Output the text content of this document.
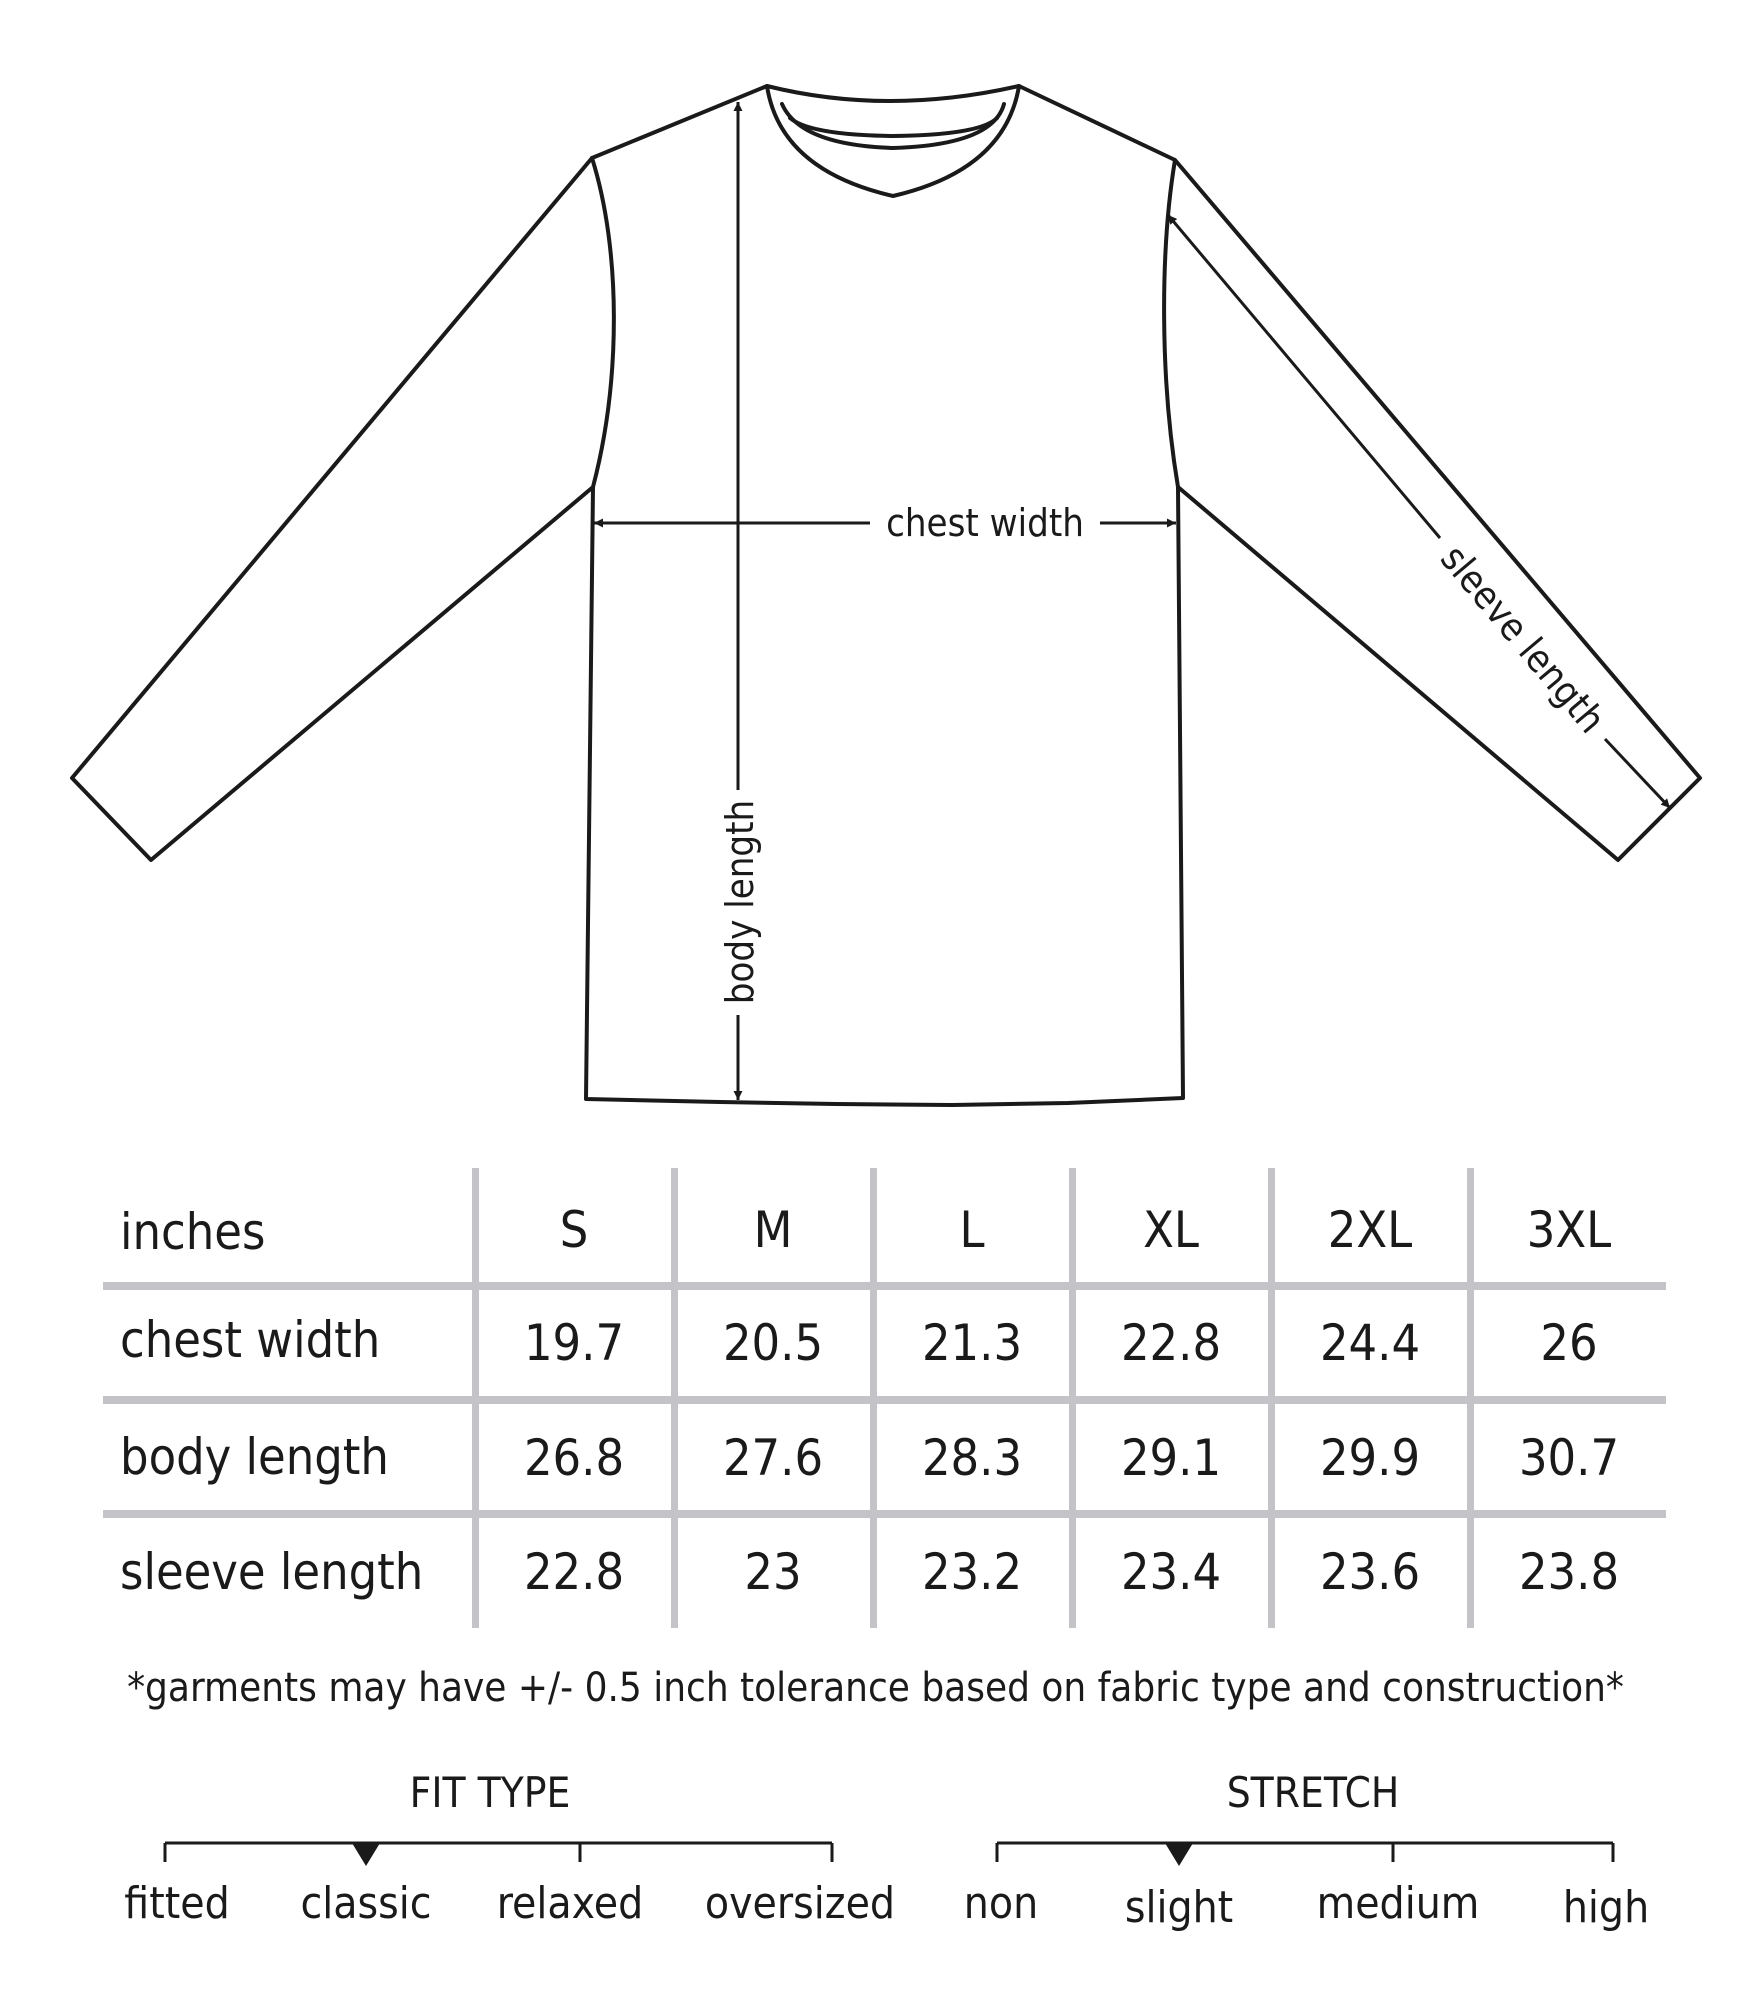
chest width
body length
sleeve length
inches	S	M	L	XL	2XL 3XL
chest width	19.7 20.5 21.3 22.8 24.4 26
body length	26.8 27.6 28.3 29.1 29.9 30.7
sleeve length 22.8 23 23.2 23.4 23.6 23.8
*garments may have +/- 0.5 inch tolerance based on fabric type and construction*
FIT TYPE
fitted classic relaxed oversized
STRETCH
non slight medium high
